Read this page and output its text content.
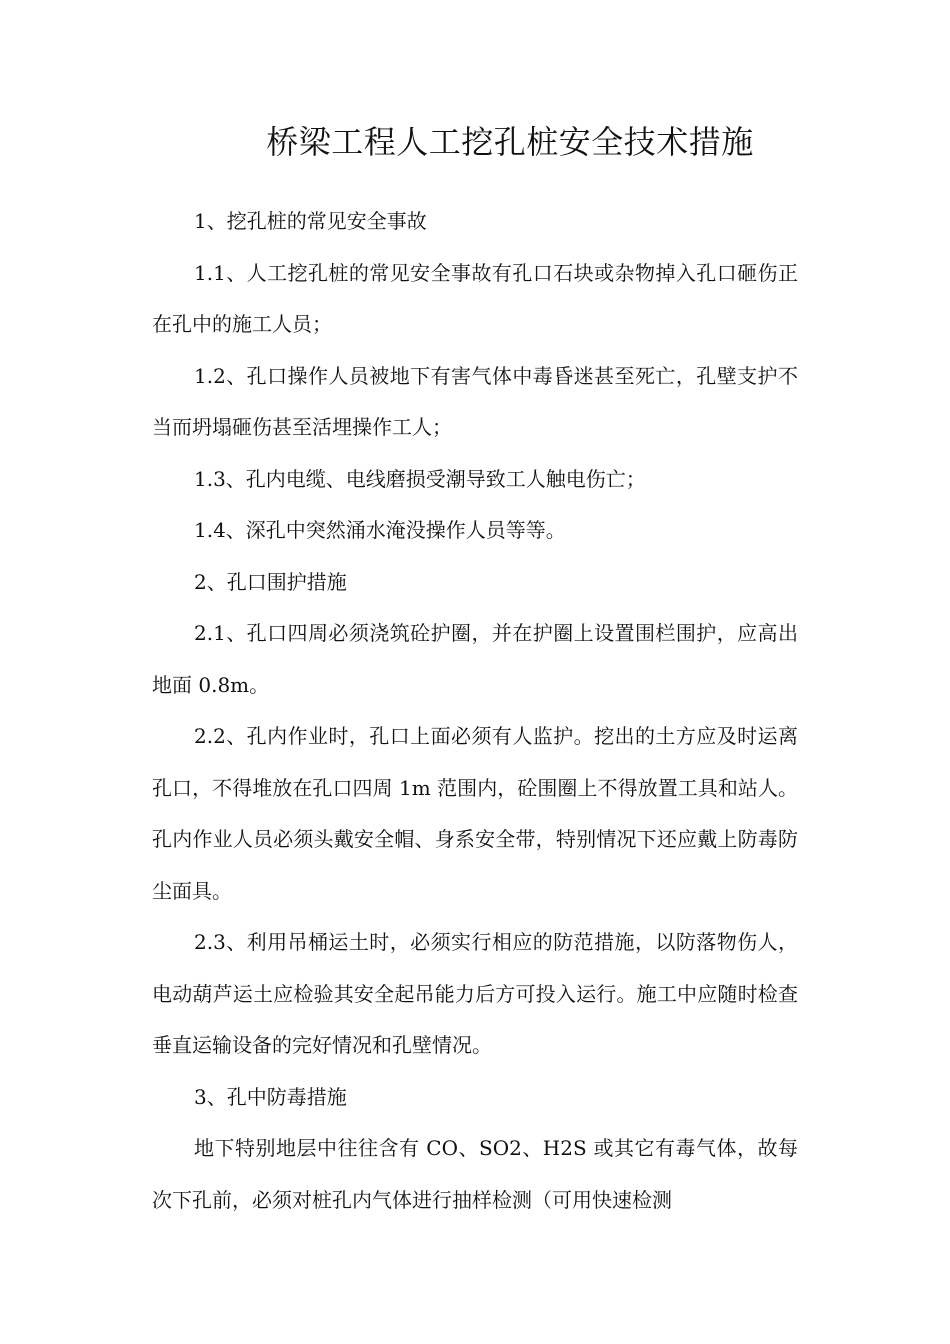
桥梁工程人工挖孔桩安全技术措施

1、挖孔桩的常见安全事故

1.1、人工挖孔桩的常见安全事故有孔口石块或杂物掉入孔口砸伤正在孔中的施工人员；

1.2、孔口操作人员被地下有害气体中毒昏迷甚至死亡，孔壁支护不当而坍塌砸伤甚至活埋操作工人；

1.3、孔内电缆、电线磨损受潮导致工人触电伤亡；

1.4、深孔中突然涌水淹没操作人员等等。

2、孔口围护措施

2.1、孔口四周必须浇筑砼护圈，并在护圈上设置围栏围护，应高出地面 0.8m。

2.2、孔内作业时，孔口上面必须有人监护。挖出的土方应及时运离孔口，不得堆放在孔口四周 1m 范围内，砼围圈上不得放置工具和站人。孔内作业人员必须头戴安全帽、身系安全带，特别情况下还应戴上防毒防尘面具。

2.3、利用吊桶运土时，必须实行相应的防范措施，以防落物伤人，电动葫芦运土应检验其安全起吊能力后方可投入运行。施工中应随时检查垂直运输设备的完好情况和孔壁情况。

3、孔中防毒措施

地下特别地层中往往含有 CO、SO2、H2S 或其它有毒气体，故每次下孔前，必须对桩孔内气体进行抽样检测（可用快速检测
